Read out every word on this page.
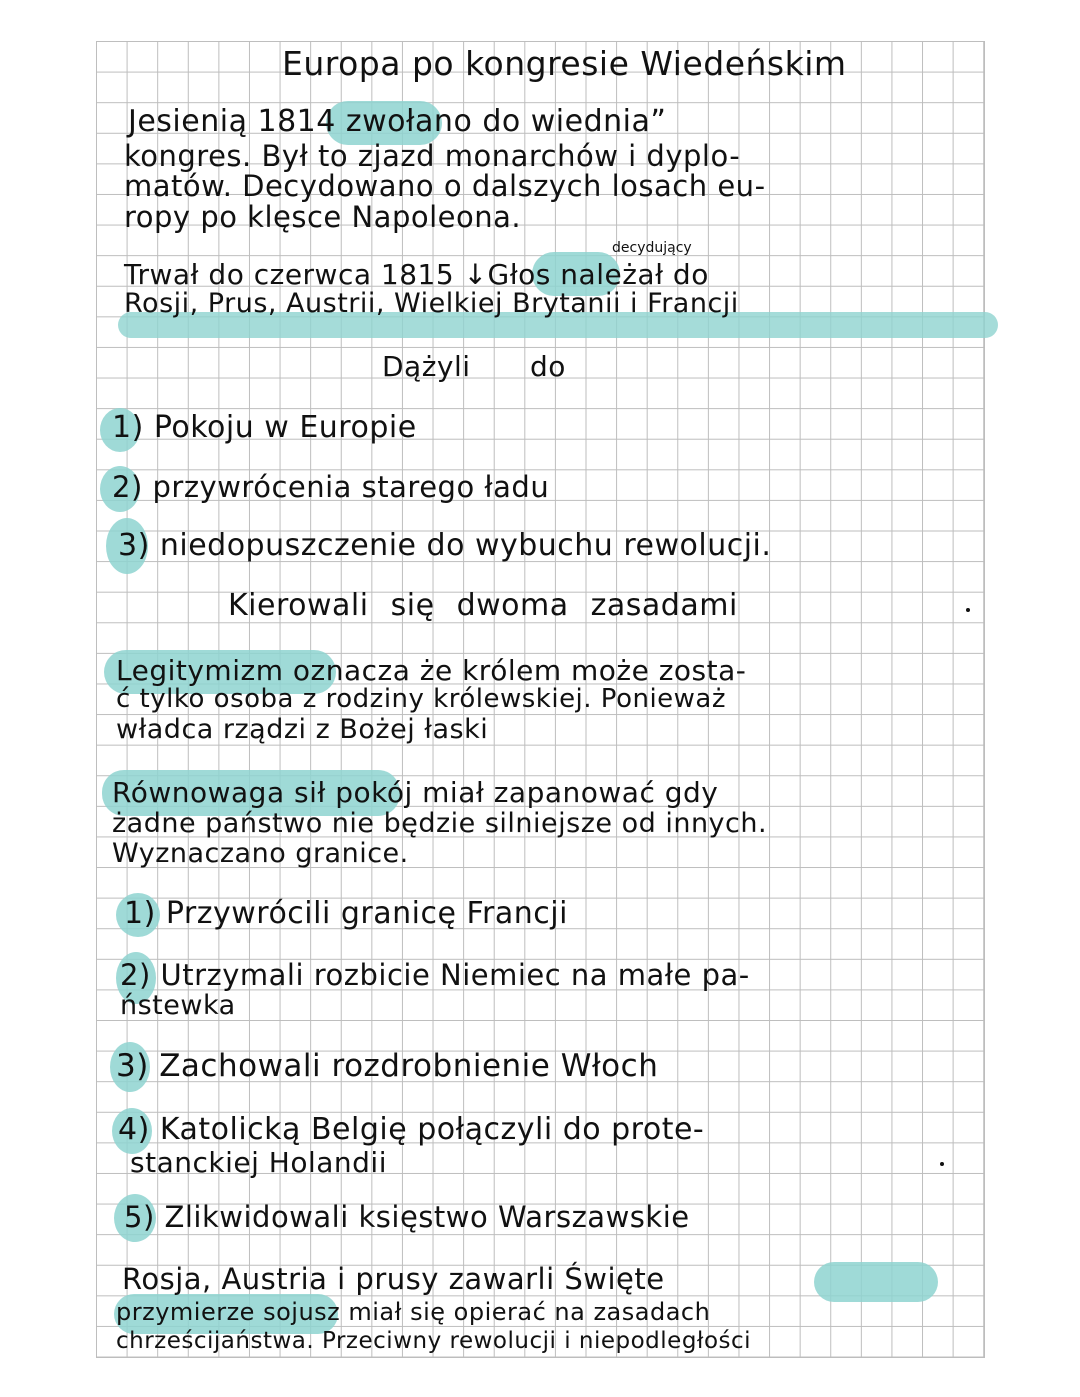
Europa po kongresie Wiedeńskim
Jesienią 1814 zwołano do wiednia”
kongres. Był to zjazd monarchów i dyplo-
matów. Decydowano o dalszych losach eu-
ropy po klęsce Napoleona.
decydujący
Trwał do czerwca 1815 ↓Głos należał do
Rosji, Prus, Austrii, Wielkiej Brytanii i Francji
Dążyli do
1) Pokoju w Europie
2) przywrócenia starego ładu
3) niedopuszczenie do wybuchu rewolucji.
Kierowali się dwoma zasadami
Legitymizm oznacza że królem może zosta-
ć tylko osoba z rodziny królewskiej. Ponieważ
władca rządzi z Bożej łaski
Równowaga sił pokój miał zapanować gdy
żadne państwo nie będzie silniejsze od innych.
Wyznaczano granice.
1) Przywrócili granicę Francji
2) Utrzymali rozbicie Niemiec na małe pa-
ństewka
3) Zachowali rozdrobnienie Włoch
4) Katolicką Belgię połączyli do prote-
stanckiej Holandii
5) Zlikwidowali księstwo Warszawskie
Rosja, Austria i prusy zawarli Święte
przymierze sojusz miał się opierać na zasadach
chrześcijaństwa. Przeciwny rewolucji i niepodległości
